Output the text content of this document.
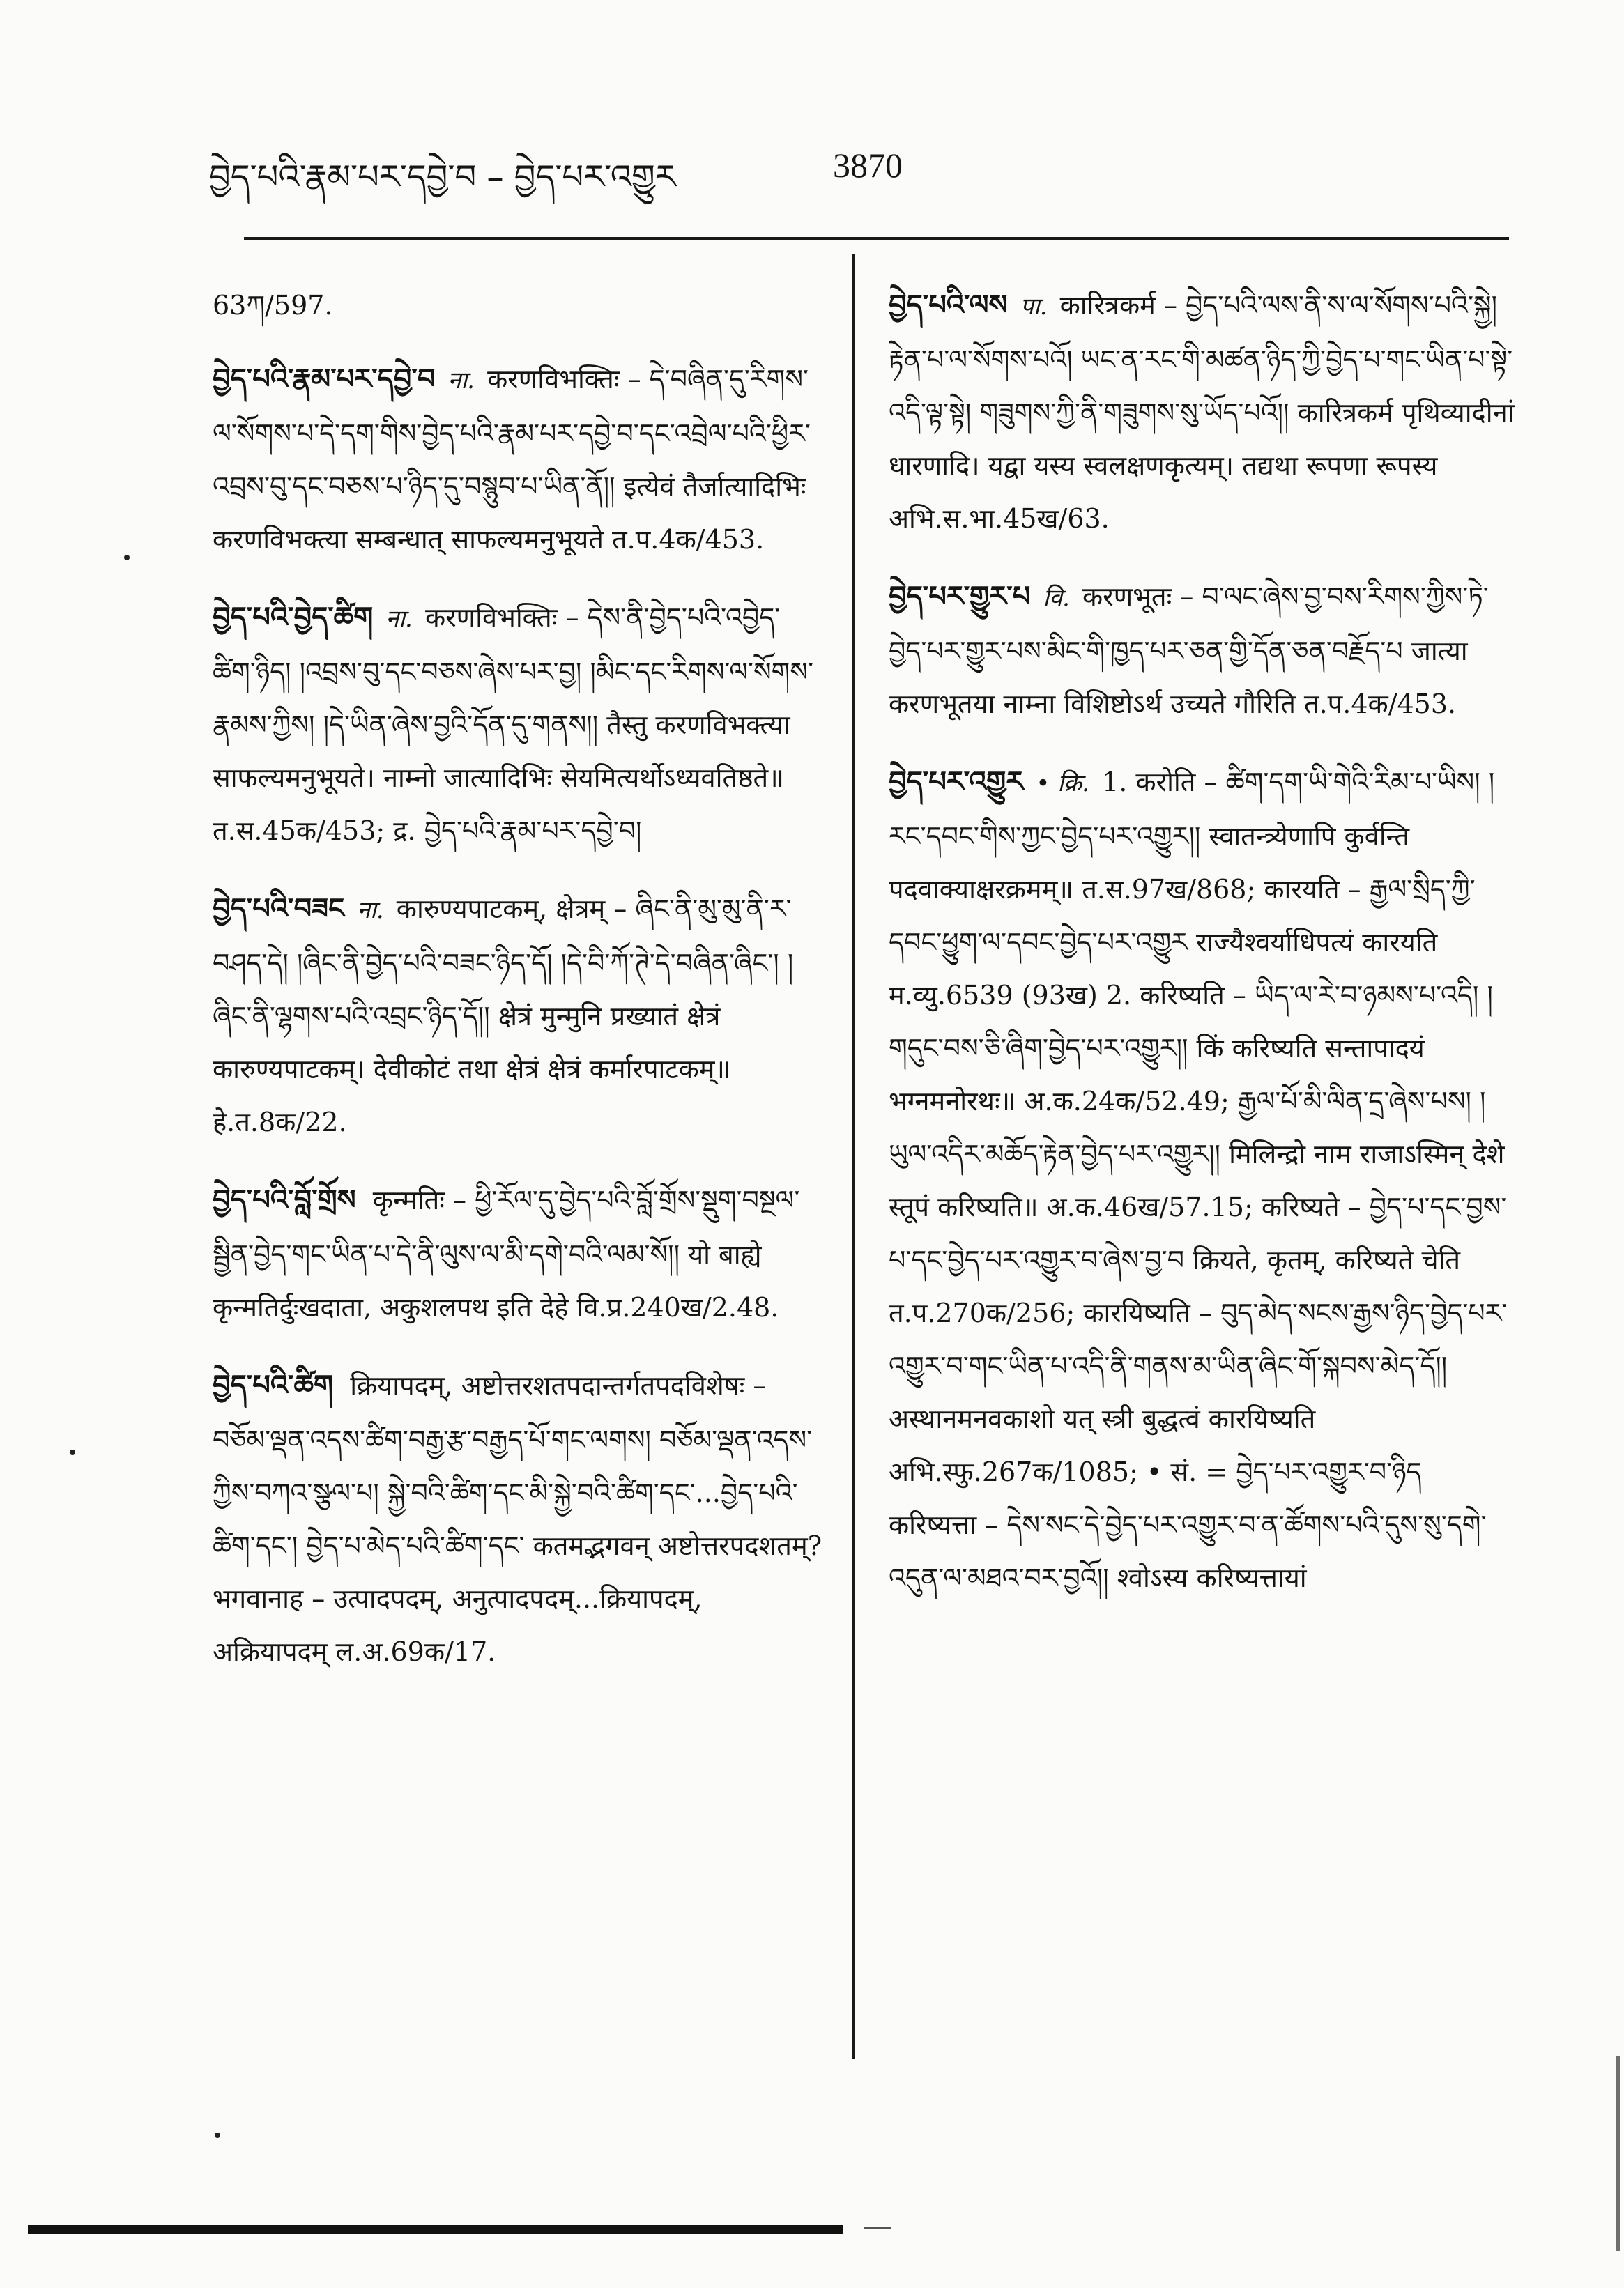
བྱེད་པའི་རྣམ་པར་དབྱེ་བ – བྱེད་པར་འགྱུར	3870
63ཀ/597.
བྱེད་པའི་རྣམ་པར་དབྱེ་བ ना. करणविभक्तिः – དེ་བཞིན་དུ་རིགས་ལ་སོགས་པ་དེ་དག་གིས་བྱེད་པའི་རྣམ་པར་དབྱེ་བ་དང་འབྲེལ་པའི་ཕྱིར་འབྲས་བུ་དང་བཅས་པ་ཉིད་དུ་བསྙུབ་པ་ཡིན་ནོ།། इत्येवं तैर्जात्यादिभिः करणविभक्त्या सम्बन्धात् साफल्यमनुभूयते त.प.4क/453.
བྱེད་པའི་བྱེད་ཚིག ना. करणविभक्तिः – དེས་ནི་བྱེད་པའི་འབྱེད་ཚིག་ཉིད། །འབྲས་བུ་དང་བཅས་ཞེས་པར་བྱ། །མིང་དང་རིགས་ལ་སོགས་རྣམས་ཀྱིས། །དེ་ཡིན་ཞེས་བྱའི་དོན་དུ་གནས།། तैस्तु करणविभक्त्या साफल्यमनुभूयते। नाम्नो जात्यादिभिः सेयमित्यर्थोऽध्यवतिष्ठते॥ त.स.45क/453; द्र. བྱེད་པའི་རྣམ་པར་དབྱེ་བ།
བྱེད་པའི་བཟང ना. कारुण्यपाटकम्, क्षेत्रम् – ཞིང་ནི་མུ་མུ་ནི་ར་བཤད་དེ། །ཞིང་ནི་བྱེད་པའི་བཟང་ཉིད་དོ། །དེ་བི་ཀོ་ཊེ་དེ་བཞིན་ཞིང་། །ཞིང་ནི་ལྷགས་པའི་འབྲང་ཉིད་དོ།། क्षेत्रं मुन्मुनि प्रख्यातं क्षेत्रं कारुण्यपाटकम्। देवीकोटं तथा क्षेत्रं क्षेत्रं कर्मारपाटकम्॥ हे.त.8क/22.
བྱེད་པའི་བློ་གྲོས कृन्मतिः – ཕྱི་རོལ་དུ་བྱེད་པའི་བློ་གྲོས་སྡུག་བསྔལ་སྦྱིན་བྱེད་གང་ཡིན་པ་དེ་ནི་ལུས་ལ་མི་དགེ་བའི་ལམ་སོ།། यो बाह्ये कृन्मतिर्दुःखदाता, अकुशलपथ इति देहे वि.प्र.240ख/2.48.
བྱེད་པའི་ཚིག क्रियापदम्, अष्टोत्तरशतपदान्तर्गतपदविशेषः – བཅོམ་ལྡན་འདས་ཚིག་བརྒྱ་རྩ་བརྒྱད་པོ་གང་ལགས། བཅོམ་ལྡན་འདས་ཀྱིས་བཀའ་སྩལ་པ། སྐྱེ་བའི་ཚིག་དང་མི་སྐྱེ་བའི་ཚིག་དང་...བྱེད་པའི་ཚིག་དང་། བྱེད་པ་མེད་པའི་ཚིག་དང་ कतमद्भगवन् अष्टोत्तरपदशतम्? भगवानाह – उत्पादपदम्, अनुत्पादपदम्...क्रियापदम्, अक्रियापदम् ल.अ.69क/17.
བྱེད་པའི་ལས पा. कारित्रकर्म – བྱེད་པའི་ལས་ནི་ས་ལ་སོགས་པའི་སྐྱེ། རྟེན་པ་ལ་སོགས་པའོ། ཡང་ན་རང་གི་མཚན་ཉིད་ཀྱི་བྱེད་པ་གང་ཡིན་པ་སྟེ་འདི་ལྟ་སྟེ། གཟུགས་ཀྱི་ནི་གཟུགས་སུ་ཡོད་པའོ།། कारित्रकर्म पृथिव्यादीनां धारणादि। यद्वा यस्य स्वलक्षणकृत्यम्। तद्यथा रूपणा रूपस्य अभि.स.भा.45ख/63.
བྱེད་པར་གྱུར་པ वि. करणभूतः – བ་ལང་ཞེས་བྱ་བས་རིགས་ཀྱིས་ཏེ་བྱེད་པར་གྱུར་པས་མིང་གི་ཁྱད་པར་ཅན་གྱི་དོན་ཅན་བརྗོད་པ जात्या करणभूतया नाम्ना विशिष्टोऽर्थ उच्यते गौरिति त.प.4क/453.
བྱེད་པར་འགྱུར • क्रि. 1. करोति – ཚིག་དག་ཡི་གེའི་རིམ་པ་ཡིས། །རང་དབང་གིས་ཀྱང་བྱེད་པར་འགྱུར།། स्वातन्त्र्येणापि कुर्वन्ति पदवाक्याक्षरक्रमम्॥ त.स.97ख/868; कारयति – རྒྱལ་སྲིད་ཀྱི་དབང་ཕྱུག་ལ་དབང་བྱེད་པར་འགྱུར राज्यैश्वर्याधिपत्यं कारयति म.व्यु.6539 (93ख) 2. करिष्यति – ཡིད་ལ་རེ་བ་ཉམས་པ་འདི། །གདུང་བས་ཅི་ཞིག་བྱེད་པར་འགྱུར།། किं करिष्यति सन्तापादयं भग्नमनोरथः॥ अ.क.24क/52.49; རྒྱལ་པོ་མི་ལིན་དྲ་ཞེས་པས། །ཡུལ་འདིར་མཆོད་རྟེན་བྱེད་པར་འགྱུར།། मिलिन्द्रो नाम राजाऽस्मिन् देशे स्तूपं करिष्यति॥ अ.क.46ख/57.15; करिष्यते – བྱེད་པ་དང་བྱས་པ་དང་བྱེད་པར་འགྱུར་བ་ཞེས་བྱ་བ क्रियते, कृतम्, करिष्यते चेति त.प.270क/256; कारयिष्यति – བུད་མེད་སངས་རྒྱས་ཉིད་བྱེད་པར་འགྱུར་བ་གང་ཡིན་པ་འདི་ནི་གནས་མ་ཡིན་ཞིང་གོ་སྐབས་མེད་དོ།། अस्थानमनवकाशो यत् स्त्री बुद्धत्वं कारयिष्यति अभि.स्फु.267क/1085; • सं. = བྱེད་པར་འགྱུར་བ་ཉིད करिष्यत्ता – དེས་སང་དེ་བྱེད་པར་འགྱུར་བ་ན་ཚོགས་པའི་དུས་སུ་དགེ་འདུན་ལ་མཐའ་བར་བྱའོ།། श्वोऽस्य करिष्यत्तायां
